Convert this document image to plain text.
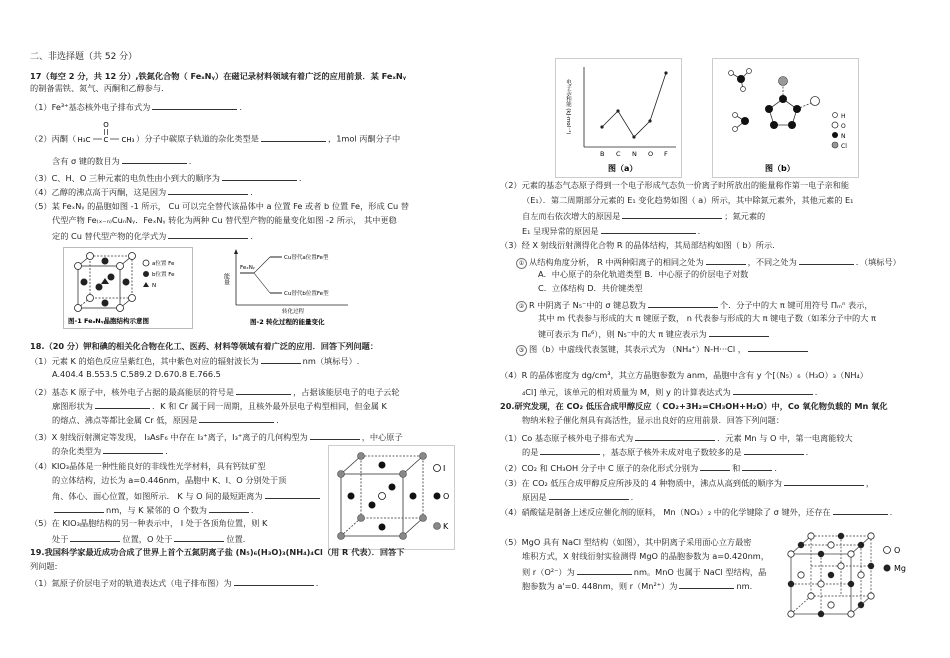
二、非选择题（共 52 分）
17（每空 2 分，共 12 分）,铁氮化合物（ FeₓNᵧ）在磁记录材料领域有着广泛的应用前景．某 FeₓNᵧ
的制备需铁、氮气、丙酮和乙醇参与.
（1）Fe³⁺基态核外电子排布式为	.
（2）丙酮（
O
H₃C C CH₃ ）分子中碳原子轨道的杂化类型是	，1mol 丙酮分子中
含有 σ 键的数目为	.
（3）C、H、O 三种元素的电负性由小到大的顺序为	.
（4）乙醇的沸点高于丙酮，这是因为	.
（5）某 FeₓNᵧ 的晶胞如图 -1 所示， Cu 可以完全替代该晶体中 a 位置 Fe 或者 b 位置 Fe，形成 Cu 替
代型产物 Fe₍ₓ₋ₙ₎CuₙNᵧ．FeₓNᵧ 转化为两种 Cu 替代型产物的能量变化如图 -2 所示， 其中更稳
定的 Cu 替代型产物的化学式为	.
a位置 Fe
b位置 Fe
N
图-1 FeₓNᵧ晶胞结构示意图
能量
FeₓNᵧ
Cu替代a位置Fe型
Cu替代b位置Fe型
转化过程
图-2 转化过程的能量变化
18.（20 分）钾和碘的相关化合物在化工、医药、材料等领域有着广泛的应用．回答下列问题：
（1）元素 K 的焰色反应呈紫红色，其中紫色对应的辐射波长为	nm（填标号）.
A.404.4 B.553.5 C.589.2 D.670.8 E.766.5
（2）基态 K 原子中，核外电子占据的最高能层的符号是	，占据该能层电子的电子云轮
廓图形状为	．K 和 Cr 属于同一周期，且核外最外层电子构型相同，但金属 K
的熔点、沸点等都比金属 Cr 低，原因是	.
（3）X 射线衍射测定等发现， I₃AsF₆ 中存在 I₃⁺离子，I₃⁺离子的几何构型为	，中心原子
的杂化类型为	.
（4）KIO₃晶体是一种性能良好的非线性光学材料，具有钙钛矿型
的立体结构，边长为 a=0.446nm，晶胞中 K、I、O 分别处于顶
角、体心、面心位置，如图所示． K 与 O 间的最短距离为
nm，与 K 紧邻的 O 个数为	.
（5）在 KIO₃晶胞结构的另一种表示中， I 处于各顶角位置，则 K
处于	位置，O 处于	位置.
I
O
K
19.我国科学家最近成功合成了世界上首个五氮阴离子盐 (N₅)₆(H₃O)₃(NH₄)₄Cl（用 R 代表）．回答下
列问题:
（1）氮原子价层电子对的轨道表达式（电子排布图）为	.
电子亲和能 (kJ·mol⁻¹)
B C N O F
图（a）
H
O
N
Cl
图（b）
（2）元素的基态气态原子得到一个电子形成气态负一价离子时所放出的能量称作第一电子亲和能
（E₁）．第二周期部分元素的 E₁ 变化趋势如图（ a）所示，其中除氮元素外，其他元素的 E₁
自左而右依次增大的原因是	；氮元素的
E₁ 呈现异常的原因是	.
（3）经 X 射线衍射测得化合物 R 的晶体结构，其局部结构如图（ b）所示.
① 从结构角度分析， R 中两种阳离子的相同之处为	，不同之处为	．（填标号）
A．中心原子的杂化轨道类型 B．中心原子的价层电子对数
C．立体结构 D．共价键类型
② R 中阴离子 N₅⁻中的 σ 键总数为	个．分子中的大 π 键可用符号 Πₘⁿ 表示，
其中 m 代表参与形成的大 π 键原子数， n 代表参与形成的大 π 键电子数（如苯分子中的大 π
键可表示为 Π₆⁶），则 N₅⁻中的大 π 键应表示为
③ 图（b）中虚线代表氢键，其表示式为 （NH₄⁺）N-H···Cl ，
（4）R 的晶体密度为 dg/cm³，其立方晶胞参数为 anm，晶胞中含有 y 个[（N₅）₆（H₃O）₃（NH₄）
₄Cl] 单元，该单元的相对质量为 M，则 y 的计算表达式为	.
20.研究发现，在 CO₂ 低压合成甲醇反应（ CO₂+3H₂=CH₃OH+H₂O）中，Co 氧化物负载的 Mn 氧化
物纳米粒子催化剂具有高活性，显示出良好的应用前景．回答下列问题：
（1）Co 基态原子核外电子排布式为	．元素 Mn 与 O 中，第一电离能较大
的是	，基态原子核外未成对电子数较多的是	.
（2）CO₂ 和 CH₃OH 分子中 C 原子的杂化形式分别为	和	.
（3）在 CO₂ 低压合成甲醇反应所涉及的 4 种物质中，沸点从高到低的顺序为	，
原因是	.
（4）硝酸锰是制备上述反应催化剂的原料， Mn（NO₃）₂ 中的化学键除了 σ 键外，还存在	.
（5）MgO 具有 NaCl 型结构（如图），其中阴离子采用面心立方最密
堆积方式，X 射线衍射实验测得 MgO 的晶胞参数为 a=0.420nm，
则 r（O²⁻）为	nm。MnO 也属于 NaCl 型结构，晶
胞参数为 a'=0. 448nm，则 r（Mn²⁺）为	nm.
O
Mg
